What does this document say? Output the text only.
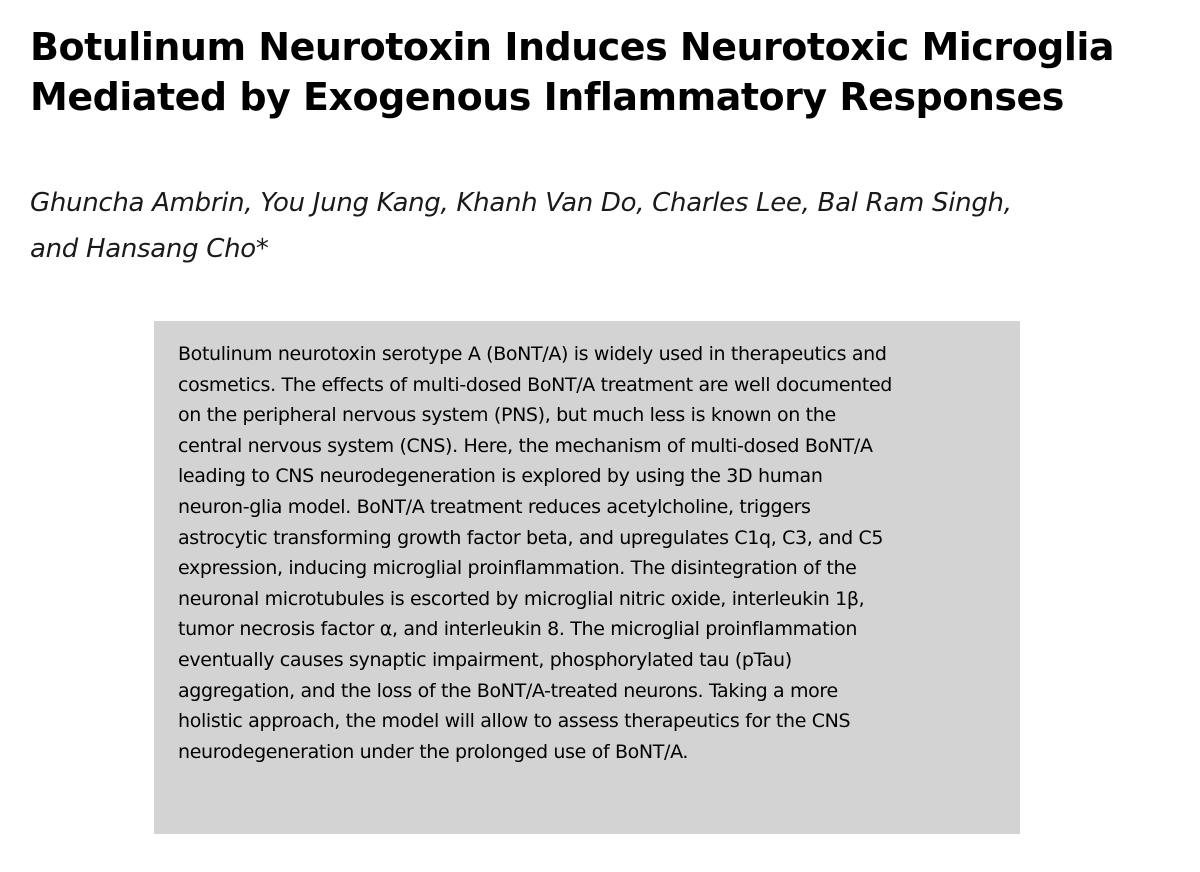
Botulinum Neurotoxin Induces Neurotoxic Microglia
Mediated by Exogenous Inflammatory Responses
Ghuncha Ambrin, You Jung Kang, Khanh Van Do, Charles Lee, Bal Ram Singh,
and Hansang Cho*
Botulinum neurotoxin serotype A (BoNT/A) is widely used in therapeutics and
cosmetics. The effects of multi-dosed BoNT/A treatment are well documented
on the peripheral nervous system (PNS), but much less is known on the
central nervous system (CNS). Here, the mechanism of multi-dosed BoNT/A
leading to CNS neurodegeneration is explored by using the 3D human
neuron-glia model. BoNT/A treatment reduces acetylcholine, triggers
astrocytic transforming growth factor beta, and upregulates C1q, C3, and C5
expression, inducing microglial proinflammation. The disintegration of the
neuronal microtubules is escorted by microglial nitric oxide, interleukin 1β,
tumor necrosis factor α, and interleukin 8. The microglial proinflammation
eventually causes synaptic impairment, phosphorylated tau (pTau)
aggregation, and the loss of the BoNT/A-treated neurons. Taking a more
holistic approach, the model will allow to assess therapeutics for the CNS
neurodegeneration under the prolonged use of BoNT/A.
